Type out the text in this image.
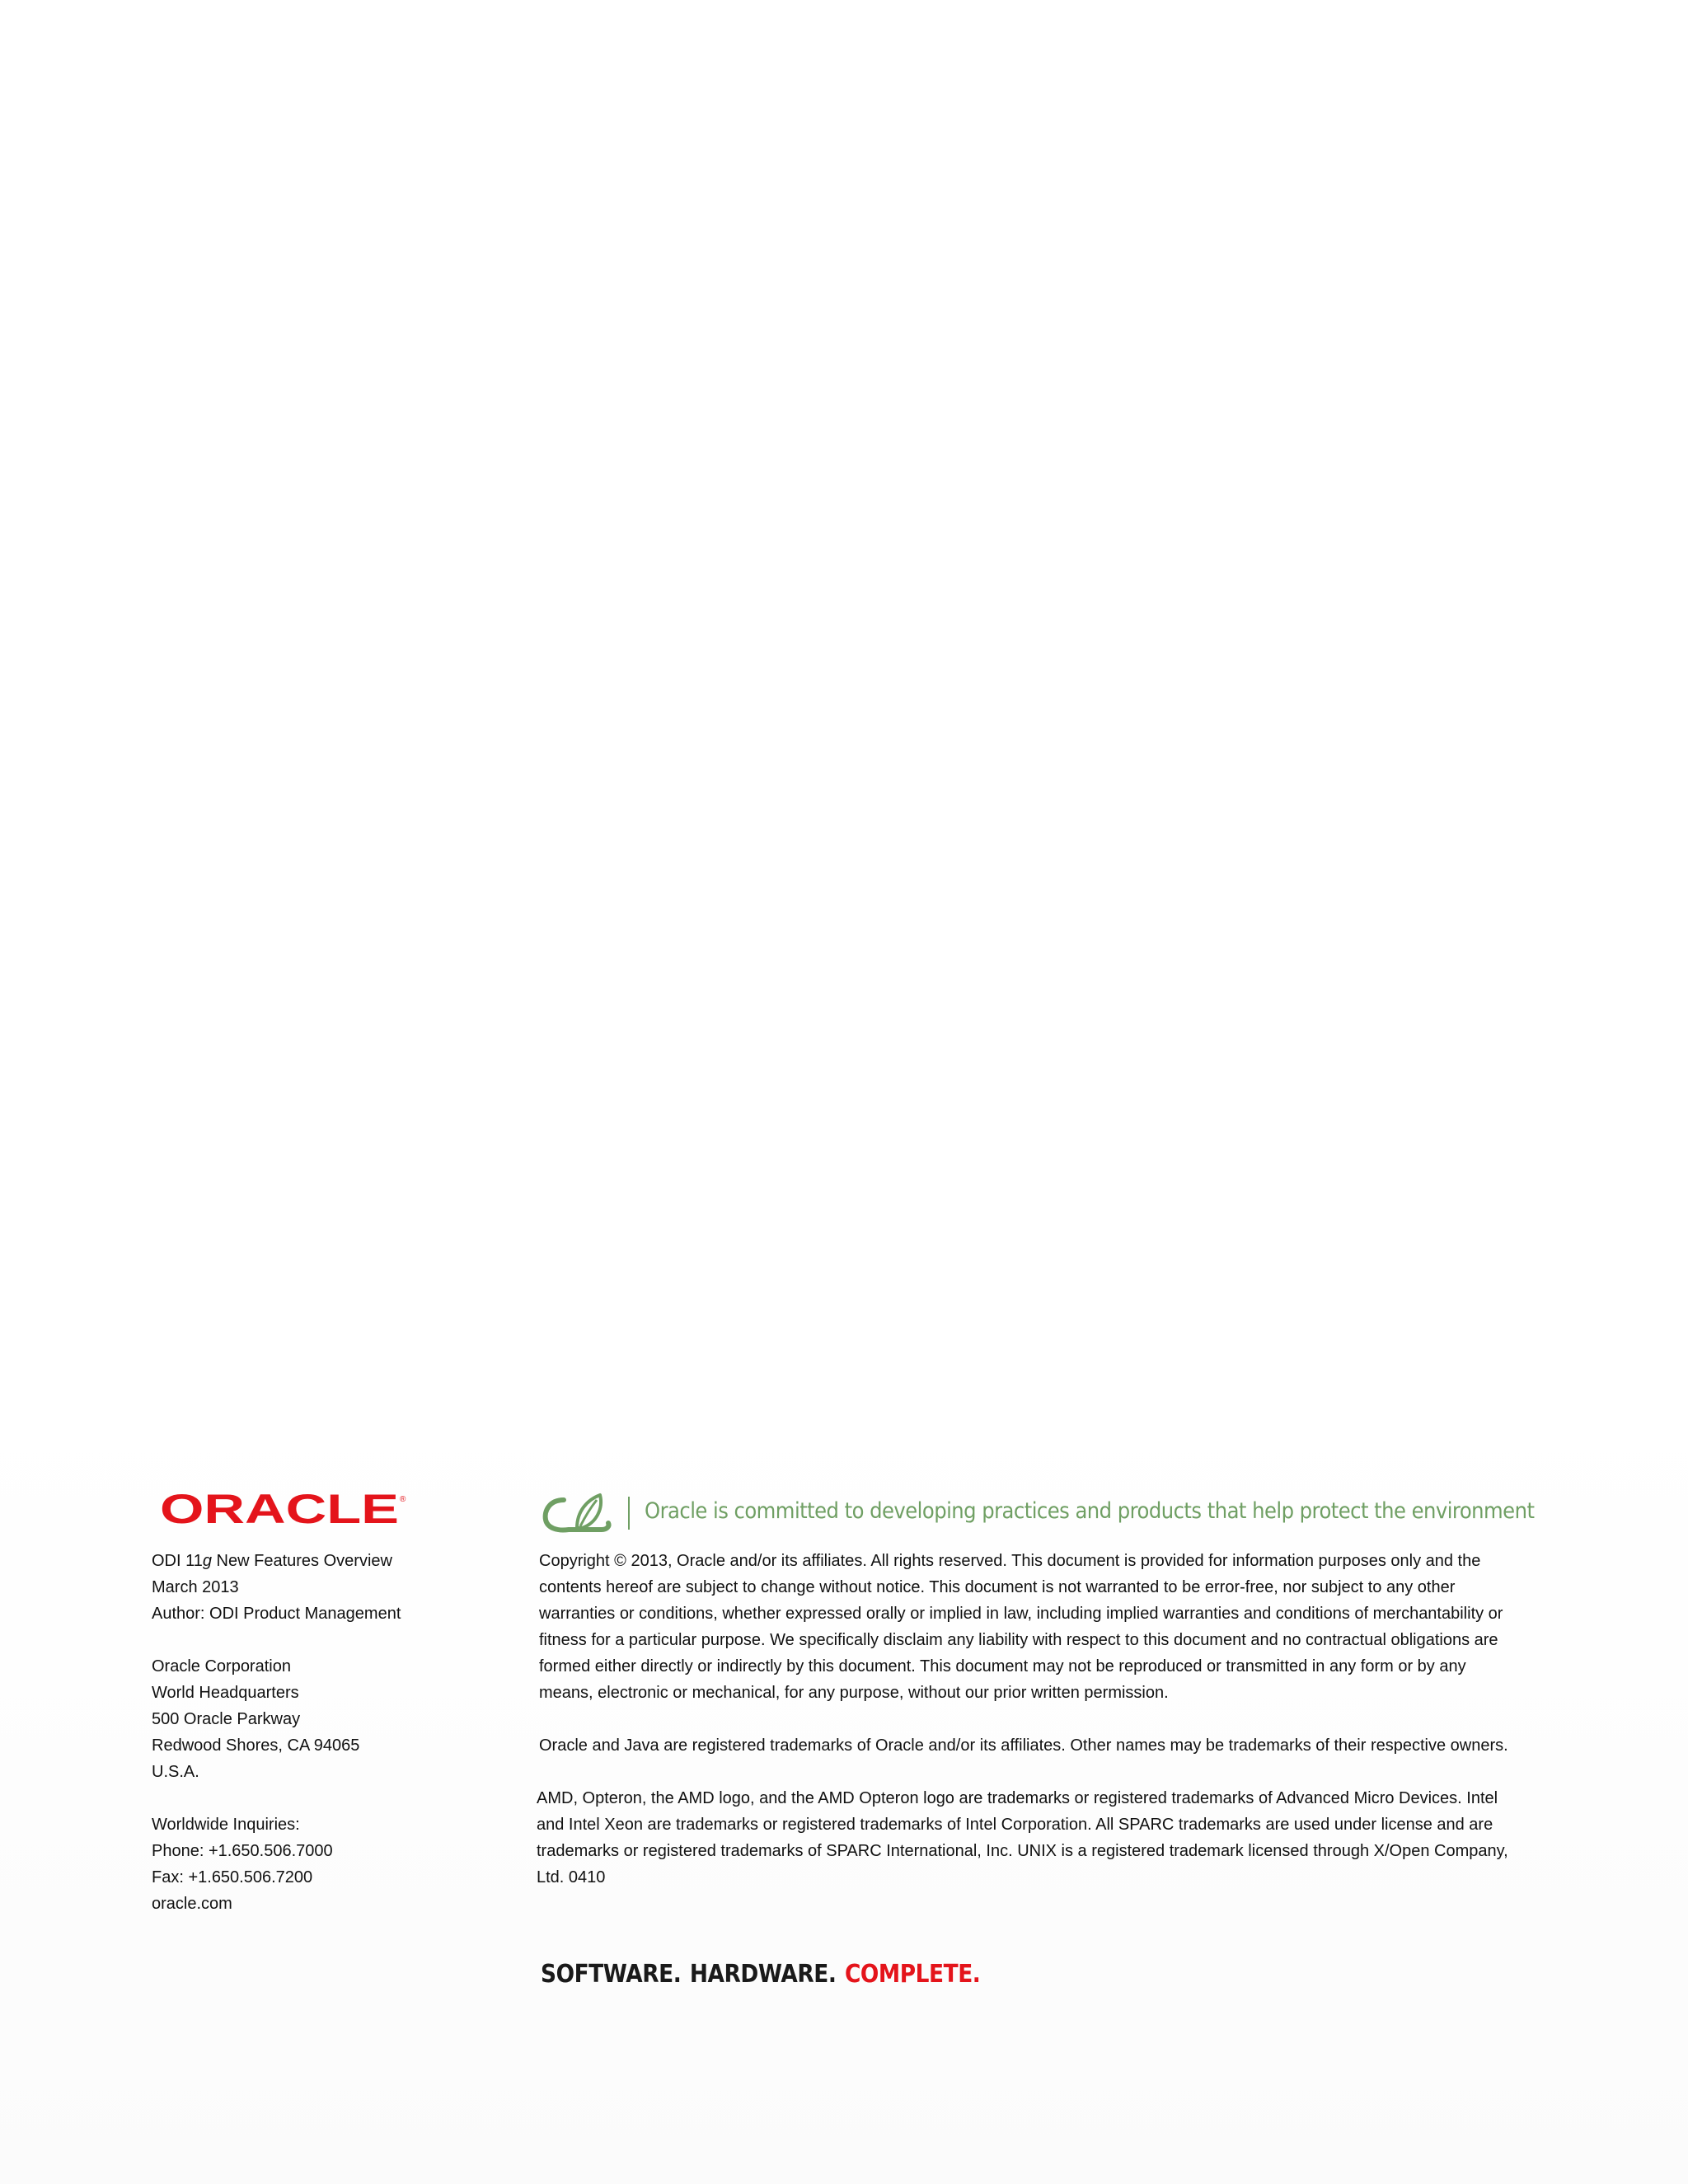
ORACLE ®	Oracle is committed to developing practices and products that help protect the environment
ODI 11g New Features Overview
March 2013
Author: ODI Product Management
Oracle Corporation
World Headquarters
500 Oracle Parkway
Redwood Shores, CA 94065
U.S.A.
Worldwide Inquiries:
Phone: +1.650.506.7000
Fax: +1.650.506.7200
oracle.com

Copyright © 2013, Oracle and/or its affiliates. All rights reserved. This document is provided for information purposes only and the contents hereof are subject to change without notice. This document is not warranted to be error-free, nor subject to any other warranties or conditions, whether expressed orally or implied in law, including implied warranties and conditions of merchantability or fitness for a particular purpose. We specifically disclaim any liability with respect to this document and no contractual obligations are formed either directly or indirectly by this document. This document may not be reproduced or transmitted in any form or by any means, electronic or mechanical, for any purpose, without our prior written permission.

Oracle and Java are registered trademarks of Oracle and/or its affiliates. Other names may be trademarks of their respective owners.

AMD, Opteron, the AMD logo, and the AMD Opteron logo are trademarks or registered trademarks of Advanced Micro Devices. Intel and Intel Xeon are trademarks or registered trademarks of Intel Corporation. All SPARC trademarks are used under license and are trademarks or registered trademarks of SPARC International, Inc. UNIX is a registered trademark licensed through X/Open Company, Ltd. 0410

SOFTWARE. HARDWARE. COMPLETE.
